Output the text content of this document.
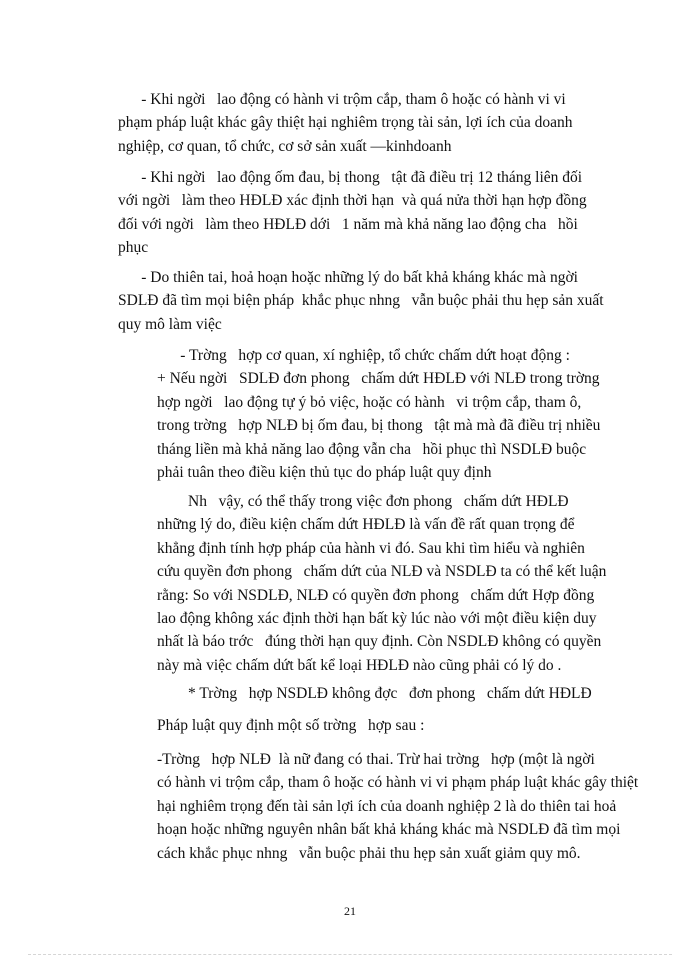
- Khi ngời   lao động có hành vi trộm cắp, tham ô hoặc có hành vi vi
phạm pháp luật khác gây thiệt hại nghiêm trọng tài sản, lợi ích của doanh
nghiệp, cơ quan, tổ chức, cơ sở sản xuất —kinhdoanh
- Khi ngời   lao động ốm đau, bị thong   tật đã điều trị 12 tháng liên đối
với ngời   làm theo HĐLĐ xác định thời hạn  và quá nửa thời hạn hợp đồng
đối với ngời   làm theo HĐLĐ dới   1 năm mà khả năng lao động cha   hồi
phục
- Do thiên tai, hoả hoạn hoặc những lý do bất khả kháng khác mà ngời
SDLĐ đã tìm mọi biện pháp  khắc phục nhng   vẫn buộc phải thu hẹp sản xuất
quy mô làm việc
- Trờng   hợp cơ quan, xí nghiệp, tổ chức chấm dứt hoạt động :
+ Nếu ngời   SDLĐ đơn phong   chấm dứt HĐLĐ với NLĐ trong trờng
hợp ngời   lao động tự ý bỏ việc, hoặc có hành   vi trộm cắp, tham ô,
trong trờng   hợp NLĐ bị ốm đau, bị thong   tật mà mà đã điều trị nhiều
tháng liền mà khả năng lao động vẫn cha   hồi phục thì NSDLĐ buộc
phải tuân theo điều kiện thủ tục do pháp luật quy định
Nh   vậy, có thể thấy trong việc đơn phong   chấm dứt HĐLĐ
những lý do, điều kiện chấm dứt HĐLĐ là vấn đề rất quan trọng để
khẳng định tính hợp pháp của hành vi đó. Sau khi tìm hiểu và nghiên
cứu quyền đơn phong   chấm dứt của NLĐ và NSDLĐ ta có thể kết luận
rằng: So với NSDLĐ, NLĐ có quyền đơn phong   chấm dứt Hợp đồng
lao động không xác định thời hạn bất kỳ lúc nào với một điều kiện duy
nhất là báo trớc   đúng thời hạn quy định. Còn NSDLĐ không có quyền
này mà việc chấm dứt bất kể loại HĐLĐ nào cũng phải có lý do .
* Trờng   hợp NSDLĐ không đợc   đơn phong   chấm dứt HĐLĐ
Pháp luật quy định một số trờng   hợp sau :
-Trờng   hợp NLĐ  là nữ đang có thai. Trừ hai trờng   hợp (một là ngời
có hành vi trộm cắp, tham ô hoặc có hành vi vi phạm pháp luật khác gây thiệt
hại nghiêm trọng đến tài sản lợi ích của doanh nghiệp 2 là do thiên tai hoả
hoạn hoặc những nguyên nhân bất khả kháng khác mà NSDLĐ đã tìm mọi
cách khắc phục nhng   vẫn buộc phải thu hẹp sản xuất giảm quy mô.
21
